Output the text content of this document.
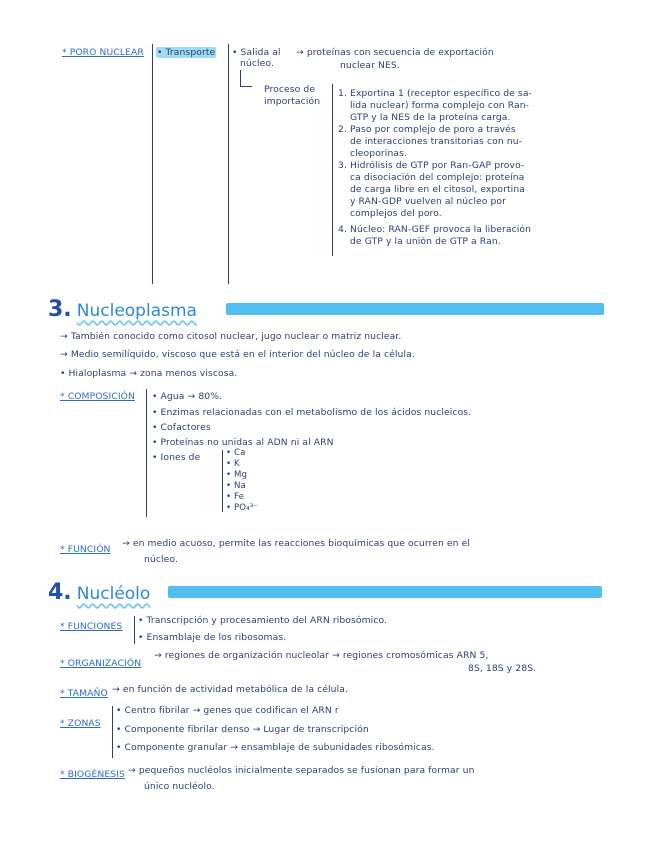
* PORO NUCLEAR • Transporte • Salida al
núcleo.
→ proteínas con secuencia de exportación
nuclear NES.
Proceso de
importación
1. Exportina 1 (receptor específico de sa-
lida nuclear) forma complejo con Ran-
GTP y la NES de la proteína carga.
2. Paso por complejo de poro a través
de interacciones transitorias con nu-
cleoporinas.
3. Hidrólisis de GTP por Ran-GAP provo-
ca disociación del complejo: proteína
de carga libre en el citosol, exportina
y RAN-GDP vuelven al núcleo por
complejos del poro.
4. Núcleo: RAN-GEF provoca la liberación
de GTP y la unión de GTP a Ran.
3. Nucleoplasma
→ También conocido como citosol nuclear, jugo nuclear o matriz nuclear.
→ Medio semilíquido, viscoso que está en el interior del núcleo de la célula.
• Hialoplasma → zona menos viscosa.
* COMPOSICIÓN • Agua → 80%.
• Enzimas relacionadas con el metabolismo de los ácidos nucleicos.
• Cofactores
• Proteínas no unidas al ADN ni al ARN
• Iones de	• Ca
• K
• Mg
• Na
• Fe
• PO₄³⁻
* FUNCIÓN
→ en medio acuoso, permite las reacciones bioquímicas que ocurren en el
núcleo.
4. Nucléolo
* FUNCIONES
• Transcripción y procesamiento del ARN ribosómico.
• Ensamblaje de los ribosomas.
* ORGANIZACIÓN
→ regiones de organización nucleolar → regiones cromosómicas ARN 5,
8S, 18S y 28S.
* TAMAÑO → en función de actividad metabólica de la célula.
* ZONAS
• Centro fibrilar → genes que codifican el ARN r
• Componente fibrilar denso → Lugar de transcripción
• Componente granular → ensamblaje de subunidades ribosómicas.
* BIOGÉNESIS → pequeños nucléolos inicialmente separados se fusionan para formar un
único nucléolo.
